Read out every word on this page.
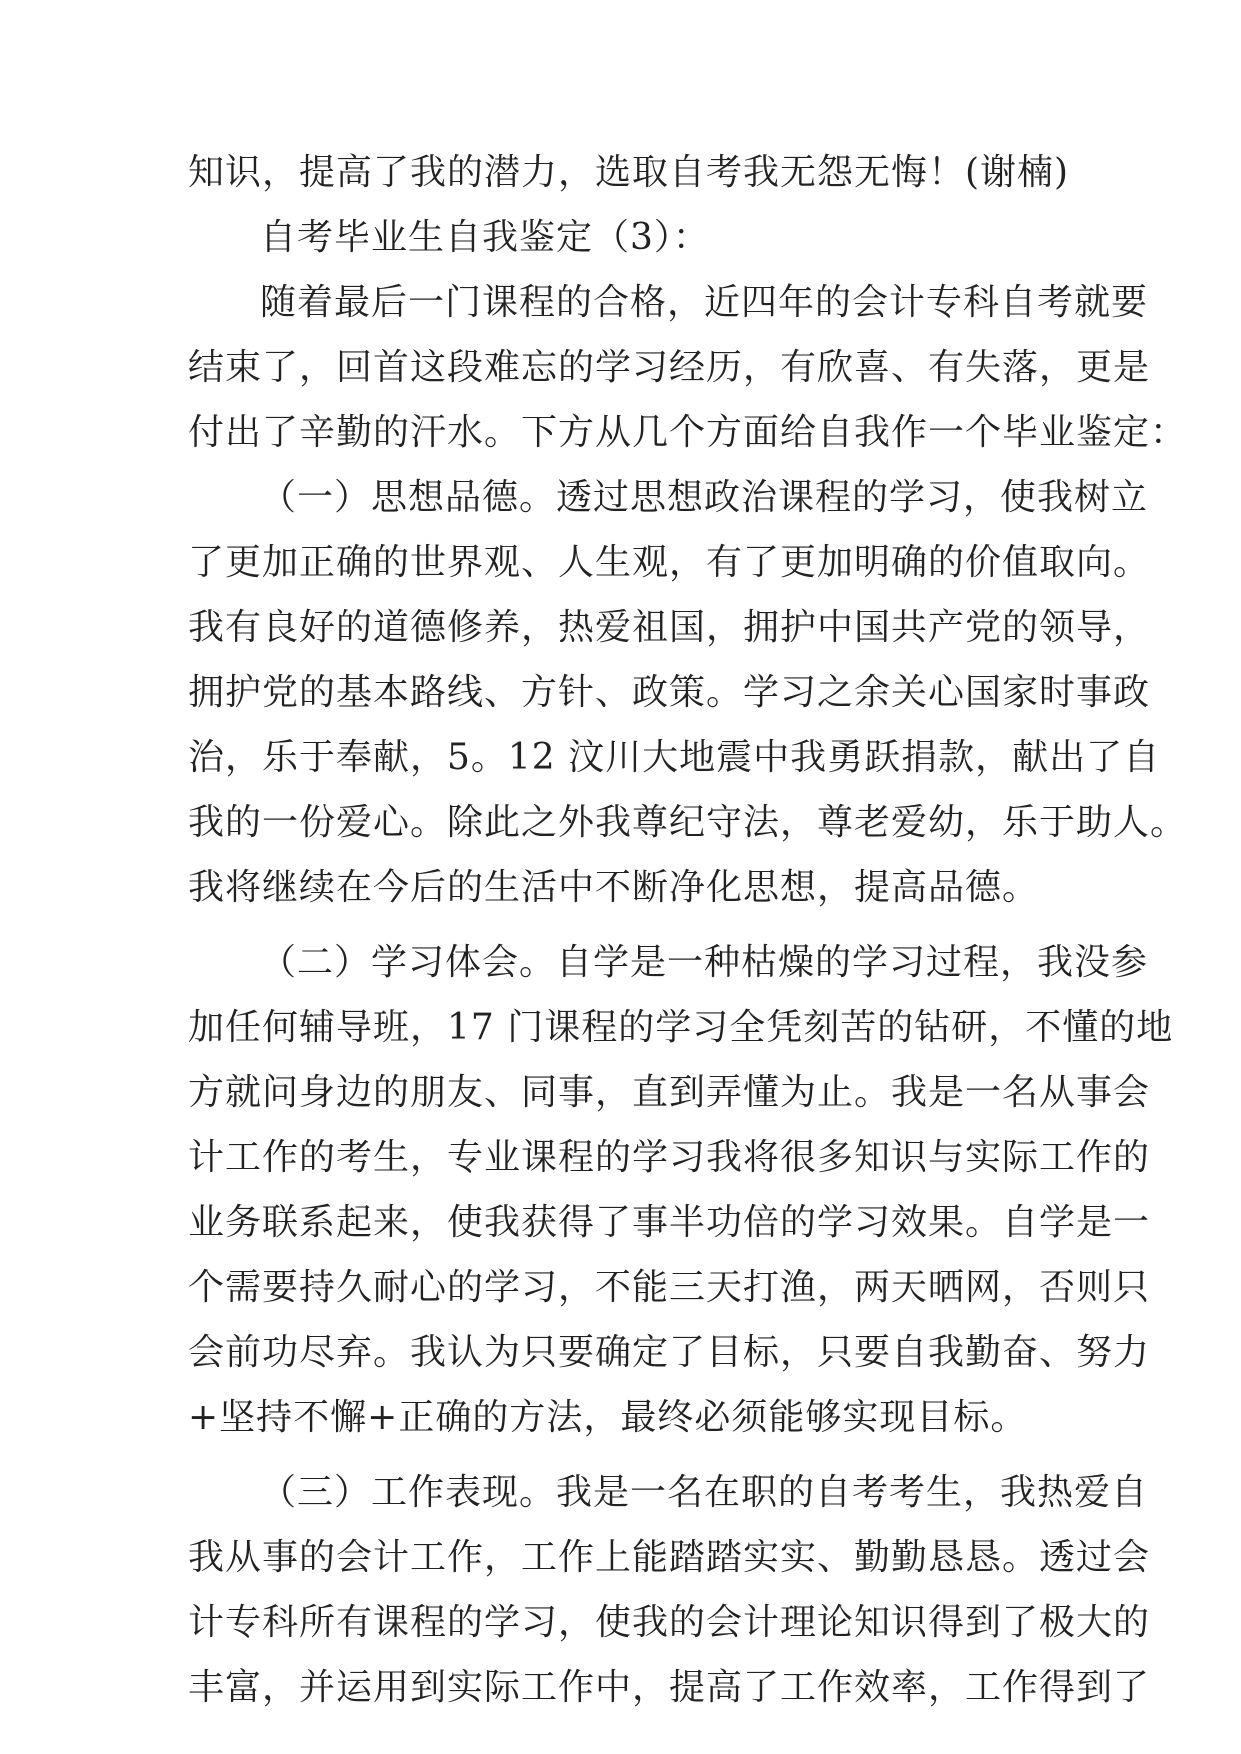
知识，提高了我的潜力，选取自考我无怨无悔！(谢楠)
自考毕业生自我鉴定（3）：
随着最后一门课程的合格，近四年的会计专科自考就要
结束了，回首这段难忘的学习经历，有欣喜、有失落，更是
付出了辛勤的汗水。下方从几个方面给自我作一个毕业鉴定：
（一）思想品德。透过思想政治课程的学习，使我树立
了更加正确的世界观、人生观，有了更加明确的价值取向。
我有良好的道德修养，热爱祖国，拥护中国共产党的领导，
拥护党的基本路线、方针、政策。学习之余关心国家时事政
治，乐于奉献，5。12 汶川大地震中我勇跃捐款，献出了自
我的一份爱心。除此之外我尊纪守法，尊老爱幼，乐于助人。
我将继续在今后的生活中不断净化思想，提高品德。
（二）学习体会。自学是一种枯燥的学习过程，我没参
加任何辅导班，17 门课程的学习全凭刻苦的钻研，不懂的地
方就问身边的朋友、同事，直到弄懂为止。我是一名从事会
计工作的考生，专业课程的学习我将很多知识与实际工作的
业务联系起来，使我获得了事半功倍的学习效果。自学是一
个需要持久耐心的学习，不能三天打渔，两天晒网，否则只
会前功尽弃。我认为只要确定了目标，只要自我勤奋、努力
+坚持不懈+正确的方法，最终必须能够实现目标。
（三）工作表现。我是一名在职的自考考生，我热爱自
我从事的会计工作，工作上能踏踏实实、勤勤恳恳。透过会
计专科所有课程的学习，使我的会计理论知识得到了极大的
丰富，并运用到实际工作中，提高了工作效率，工作得到了
